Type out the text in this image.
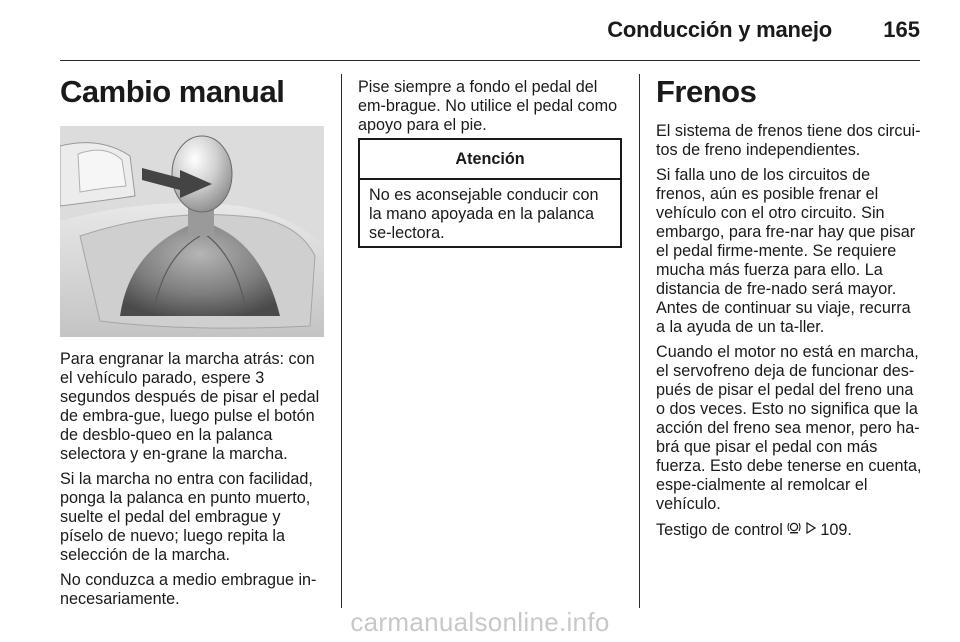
Conducción y manejo 165
Cambio manual

Para engranar la marcha atrás: con el vehículo parado, espere 3 segundos después de pisar el pedal de embra-gue, luego pulse el botón de desblo-queo en la palanca selectora y en-grane la marcha.

Si la marcha no entra con facilidad, ponga la palanca en punto muerto, suelte el pedal del embrague y píselo de nuevo; luego repita la selección de la marcha.

No conduzca a medio embrague in-necesariamente.

Pise siempre a fondo el pedal del em-brague. No utilice el pedal como apoyo para el pie.

Atención
No es aconsejable conducir con la mano apoyada en la palanca se-lectora.
Frenos

El sistema de frenos tiene dos circui-tos de freno independientes.

Si falla uno de los circuitos de frenos, aún es posible frenar el vehículo con el otro circuito. Sin embargo, para fre-nar hay que pisar el pedal firme-mente. Se requiere mucha más fuerza para ello. La distancia de fre-nado será mayor. Antes de continuar su viaje, recurra a la ayuda de un ta-ller.

Cuando el motor no está en marcha, el servofreno deja de funcionar des-pués de pisar el pedal del freno una o dos veces. Esto no significa que la acción del freno sea menor, pero ha-brá que pisar el pedal con más fuerza. Esto debe tenerse en cuenta, espe-cialmente al remolcar el vehículo.

Testigo de control 109.

carmanualsonline.info
